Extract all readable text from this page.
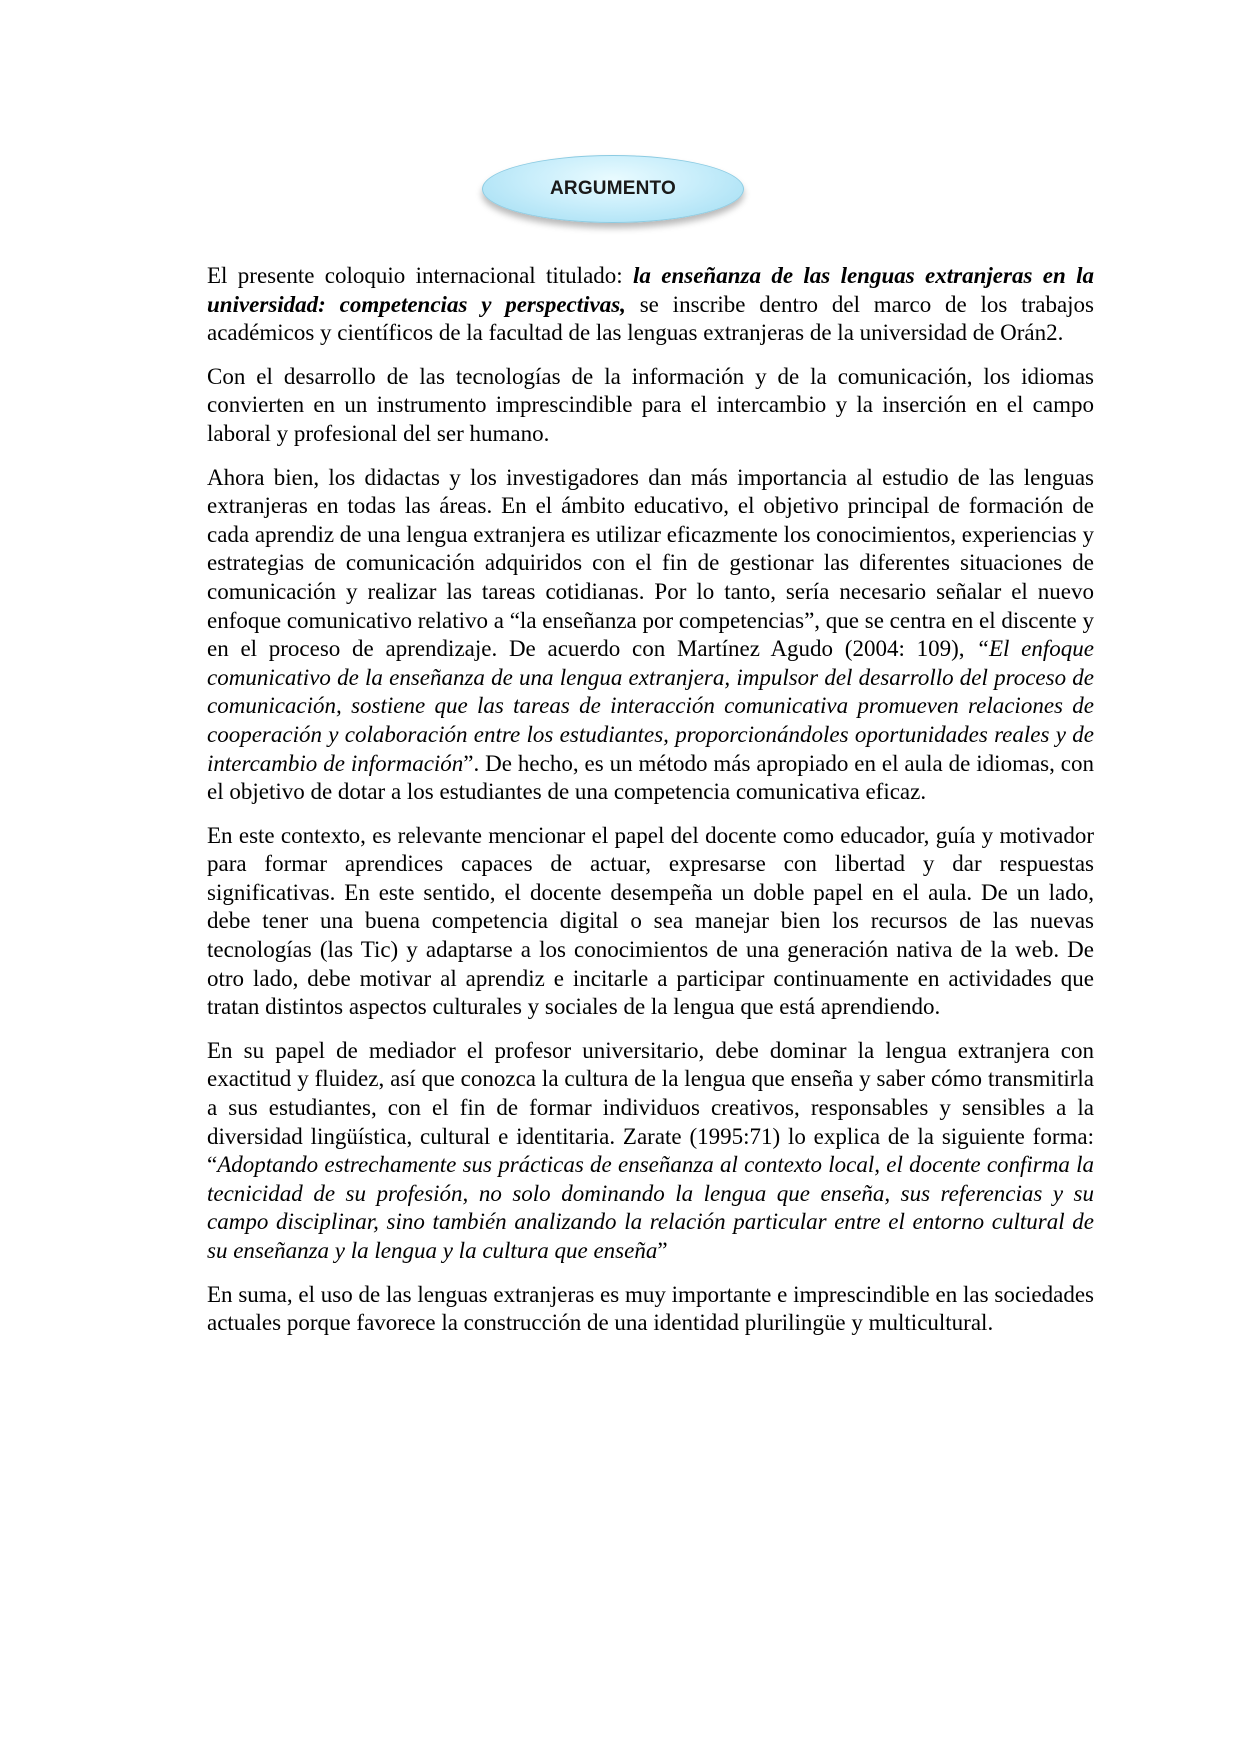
ARGUMENTO

El presente coloquio internacional titulado: la enseñanza de las lenguas extranjeras en la universidad: competencias y perspectivas, se inscribe dentro del marco de los trabajos académicos y científicos de la facultad de las lenguas extranjeras de la universidad de Orán2.

Con el desarrollo de las tecnologías de la información y de la comunicación, los idiomas convierten en un instrumento imprescindible para el intercambio y la inserción en el campo laboral y profesional del ser humano.

Ahora bien, los didactas y los investigadores dan más importancia al estudio de las lenguas extranjeras en todas las áreas. En el ámbito educativo, el objetivo principal de formación de cada aprendiz de una lengua extranjera es utilizar eficazmente los conocimientos, experiencias y estrategias de comunicación adquiridos con el fin de gestionar las diferentes situaciones de comunicación y realizar las tareas cotidianas. Por lo tanto, sería necesario señalar el nuevo enfoque comunicativo relativo a “la enseñanza por competencias”, que se centra en el discente y en el proceso de aprendizaje. De acuerdo con Martínez Agudo (2004: 109), “El enfoque comunicativo de la enseñanza de una lengua extranjera, impulsor del desarrollo del proceso de comunicación, sostiene que las tareas de interacción comunicativa promueven relaciones de cooperación y colaboración entre los estudiantes, proporcionándoles oportunidades reales y de intercambio de información”. De hecho, es un método más apropiado en el aula de idiomas, con el objetivo de dotar a los estudiantes de una competencia comunicativa eficaz.

En este contexto, es relevante mencionar el papel del docente como educador, guía y motivador para formar aprendices capaces de actuar, expresarse con libertad y dar respuestas significativas. En este sentido, el docente desempeña un doble papel en el aula. De un lado, debe tener una buena competencia digital o sea manejar bien los recursos de las nuevas tecnologías (las Tic) y adaptarse a los conocimientos de una generación nativa de la web. De otro lado, debe motivar al aprendiz e incitarle a participar continuamente en actividades que tratan distintos aspectos culturales y sociales de la lengua que está aprendiendo.

En su papel de mediador el profesor universitario, debe dominar la lengua extranjera con exactitud y fluidez, así que conozca la cultura de la lengua que enseña y saber cómo transmitirla a sus estudiantes, con el fin de formar individuos creativos, responsables y sensibles a la diversidad lingüística, cultural e identitaria. Zarate (1995:71) lo explica de la siguiente forma: “Adoptando estrechamente sus prácticas de enseñanza al contexto local, el docente confirma la tecnicidad de su profesión, no solo dominando la lengua que enseña, sus referencias y su campo disciplinar, sino también analizando la relación particular entre el entorno cultural de su enseñanza y la lengua y la cultura que enseña”

En suma, el uso de las lenguas extranjeras es muy importante e imprescindible en las sociedades actuales porque favorece la construcción de una identidad plurilingüe y multicultural.
